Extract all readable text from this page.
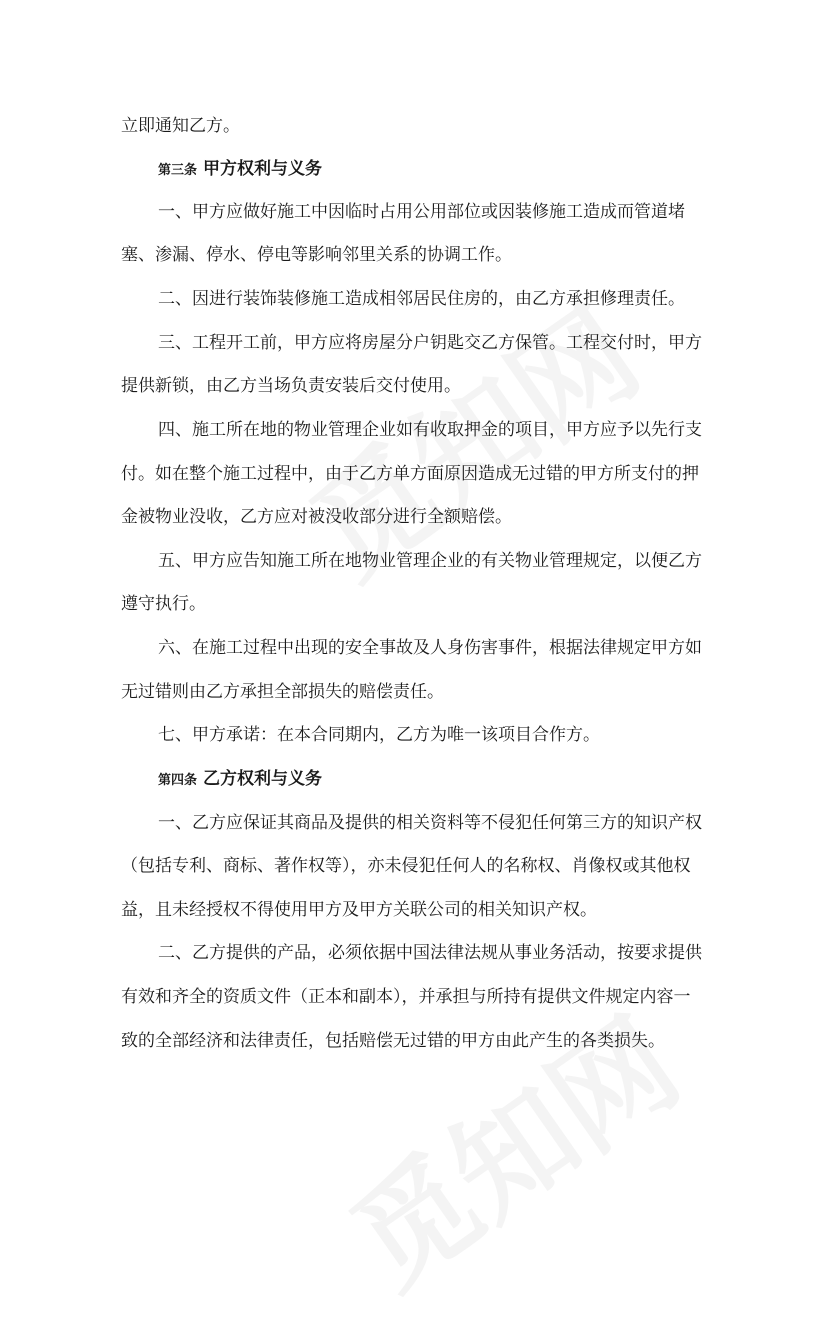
立即通知乙方。
第三条 甲方权利与义务
一、甲方应做好施工中因临时占用公用部位或因装修施工造成而管道堵
塞、渗漏、停水、停电等影响邻里关系的协调工作。
二、因进行装饰装修施工造成相邻居民住房的，由乙方承担修理责任。
三、工程开工前，甲方应将房屋分户钥匙交乙方保管。工程交付时，甲方
提供新锁，由乙方当场负责安装后交付使用。
四、施工所在地的物业管理企业如有收取押金的项目，甲方应予以先行支
付。如在整个施工过程中，由于乙方单方面原因造成无过错的甲方所支付的押
金被物业没收，乙方应对被没收部分进行全额赔偿。
五、甲方应告知施工所在地物业管理企业的有关物业管理规定，以便乙方
遵守执行。
六、在施工过程中出现的安全事故及人身伤害事件，根据法律规定甲方如
无过错则由乙方承担全部损失的赔偿责任。
七、甲方承诺：在本合同期内，乙方为唯一该项目合作方。
第四条 乙方权利与义务
一、乙方应保证其商品及提供的相关资料等不侵犯任何第三方的知识产权
（包括专利、商标、著作权等），亦未侵犯任何人的名称权、肖像权或其他权
益，且未经授权不得使用甲方及甲方关联公司的相关知识产权。
二、乙方提供的产品，必须依据中国法律法规从事业务活动，按要求提供
有效和齐全的资质文件（正本和副本），并承担与所持有提供文件规定内容一
致的全部经济和法律责任，包括赔偿无过错的甲方由此产生的各类损失。
